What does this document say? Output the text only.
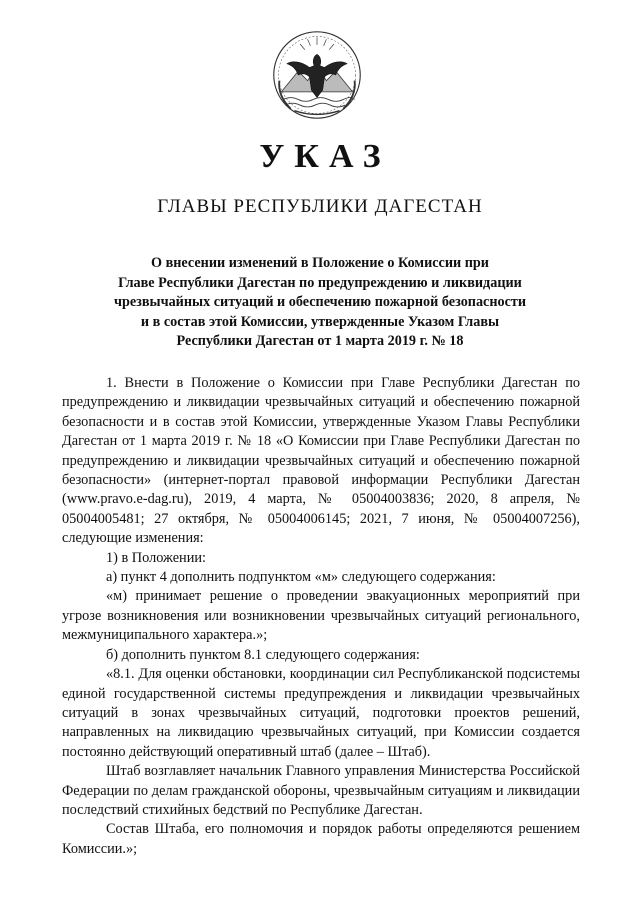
УКАЗ
ГЛАВЫ РЕСПУБЛИКИ ДАГЕСТАН
О внесении изменений в Положение о Комиссии при
Главе Республики Дагестан по предупреждению и ликвидации
чрезвычайных ситуаций и обеспечению пожарной безопасности
и в состав этой Комиссии, утвержденные Указом Главы
Республики Дагестан от 1 марта 2019 г. № 18

1. Внести в Положение о Комиссии при Главе Республики Дагестан по предупреждению и ликвидации чрезвычайных ситуаций и обеспечению пожарной безопасности и в состав этой Комиссии, утвержденные Указом Главы Республики Дагестан от 1 марта 2019 г. № 18 «О Комиссии при Главе Республики Дагестан по предупреждению и ликвидации чрезвычайных ситуаций и обеспечению пожарной безопасности» (интернет-портал правовой информации Республики Дагестан (www.pravo.e-dag.ru), 2019, 4 марта, № 05004003836; 2020, 8 апреля, № 05004005481; 27 октября, № 05004006145; 2021, 7 июня, № 05004007256), следующие изменения:

1) в Положении:

а) пункт 4 дополнить подпунктом «м» следующего содержания:

«м) принимает решение о проведении эвакуационных мероприятий при угрозе возникновения или возникновении чрезвычайных ситуаций регионального, межмуниципального характера.»;

б) дополнить пунктом 8.1 следующего содержания:

«8.1. Для оценки обстановки, координации сил Республиканской подсистемы единой государственной системы предупреждения и ликвидации чрезвычайных ситуаций в зонах чрезвычайных ситуаций, подготовки проектов решений, направленных на ликвидацию чрезвычайных ситуаций, при Комиссии создается постоянно действующий оперативный штаб (далее – Штаб).

Штаб возглавляет начальник Главного управления Министерства Российской Федерации по делам гражданской обороны, чрезвычайным ситуациям и ликвидации последствий стихийных бедствий по Республике Дагестан.

Состав Штаба, его полномочия и порядок работы определяются решением Комиссии.»;
